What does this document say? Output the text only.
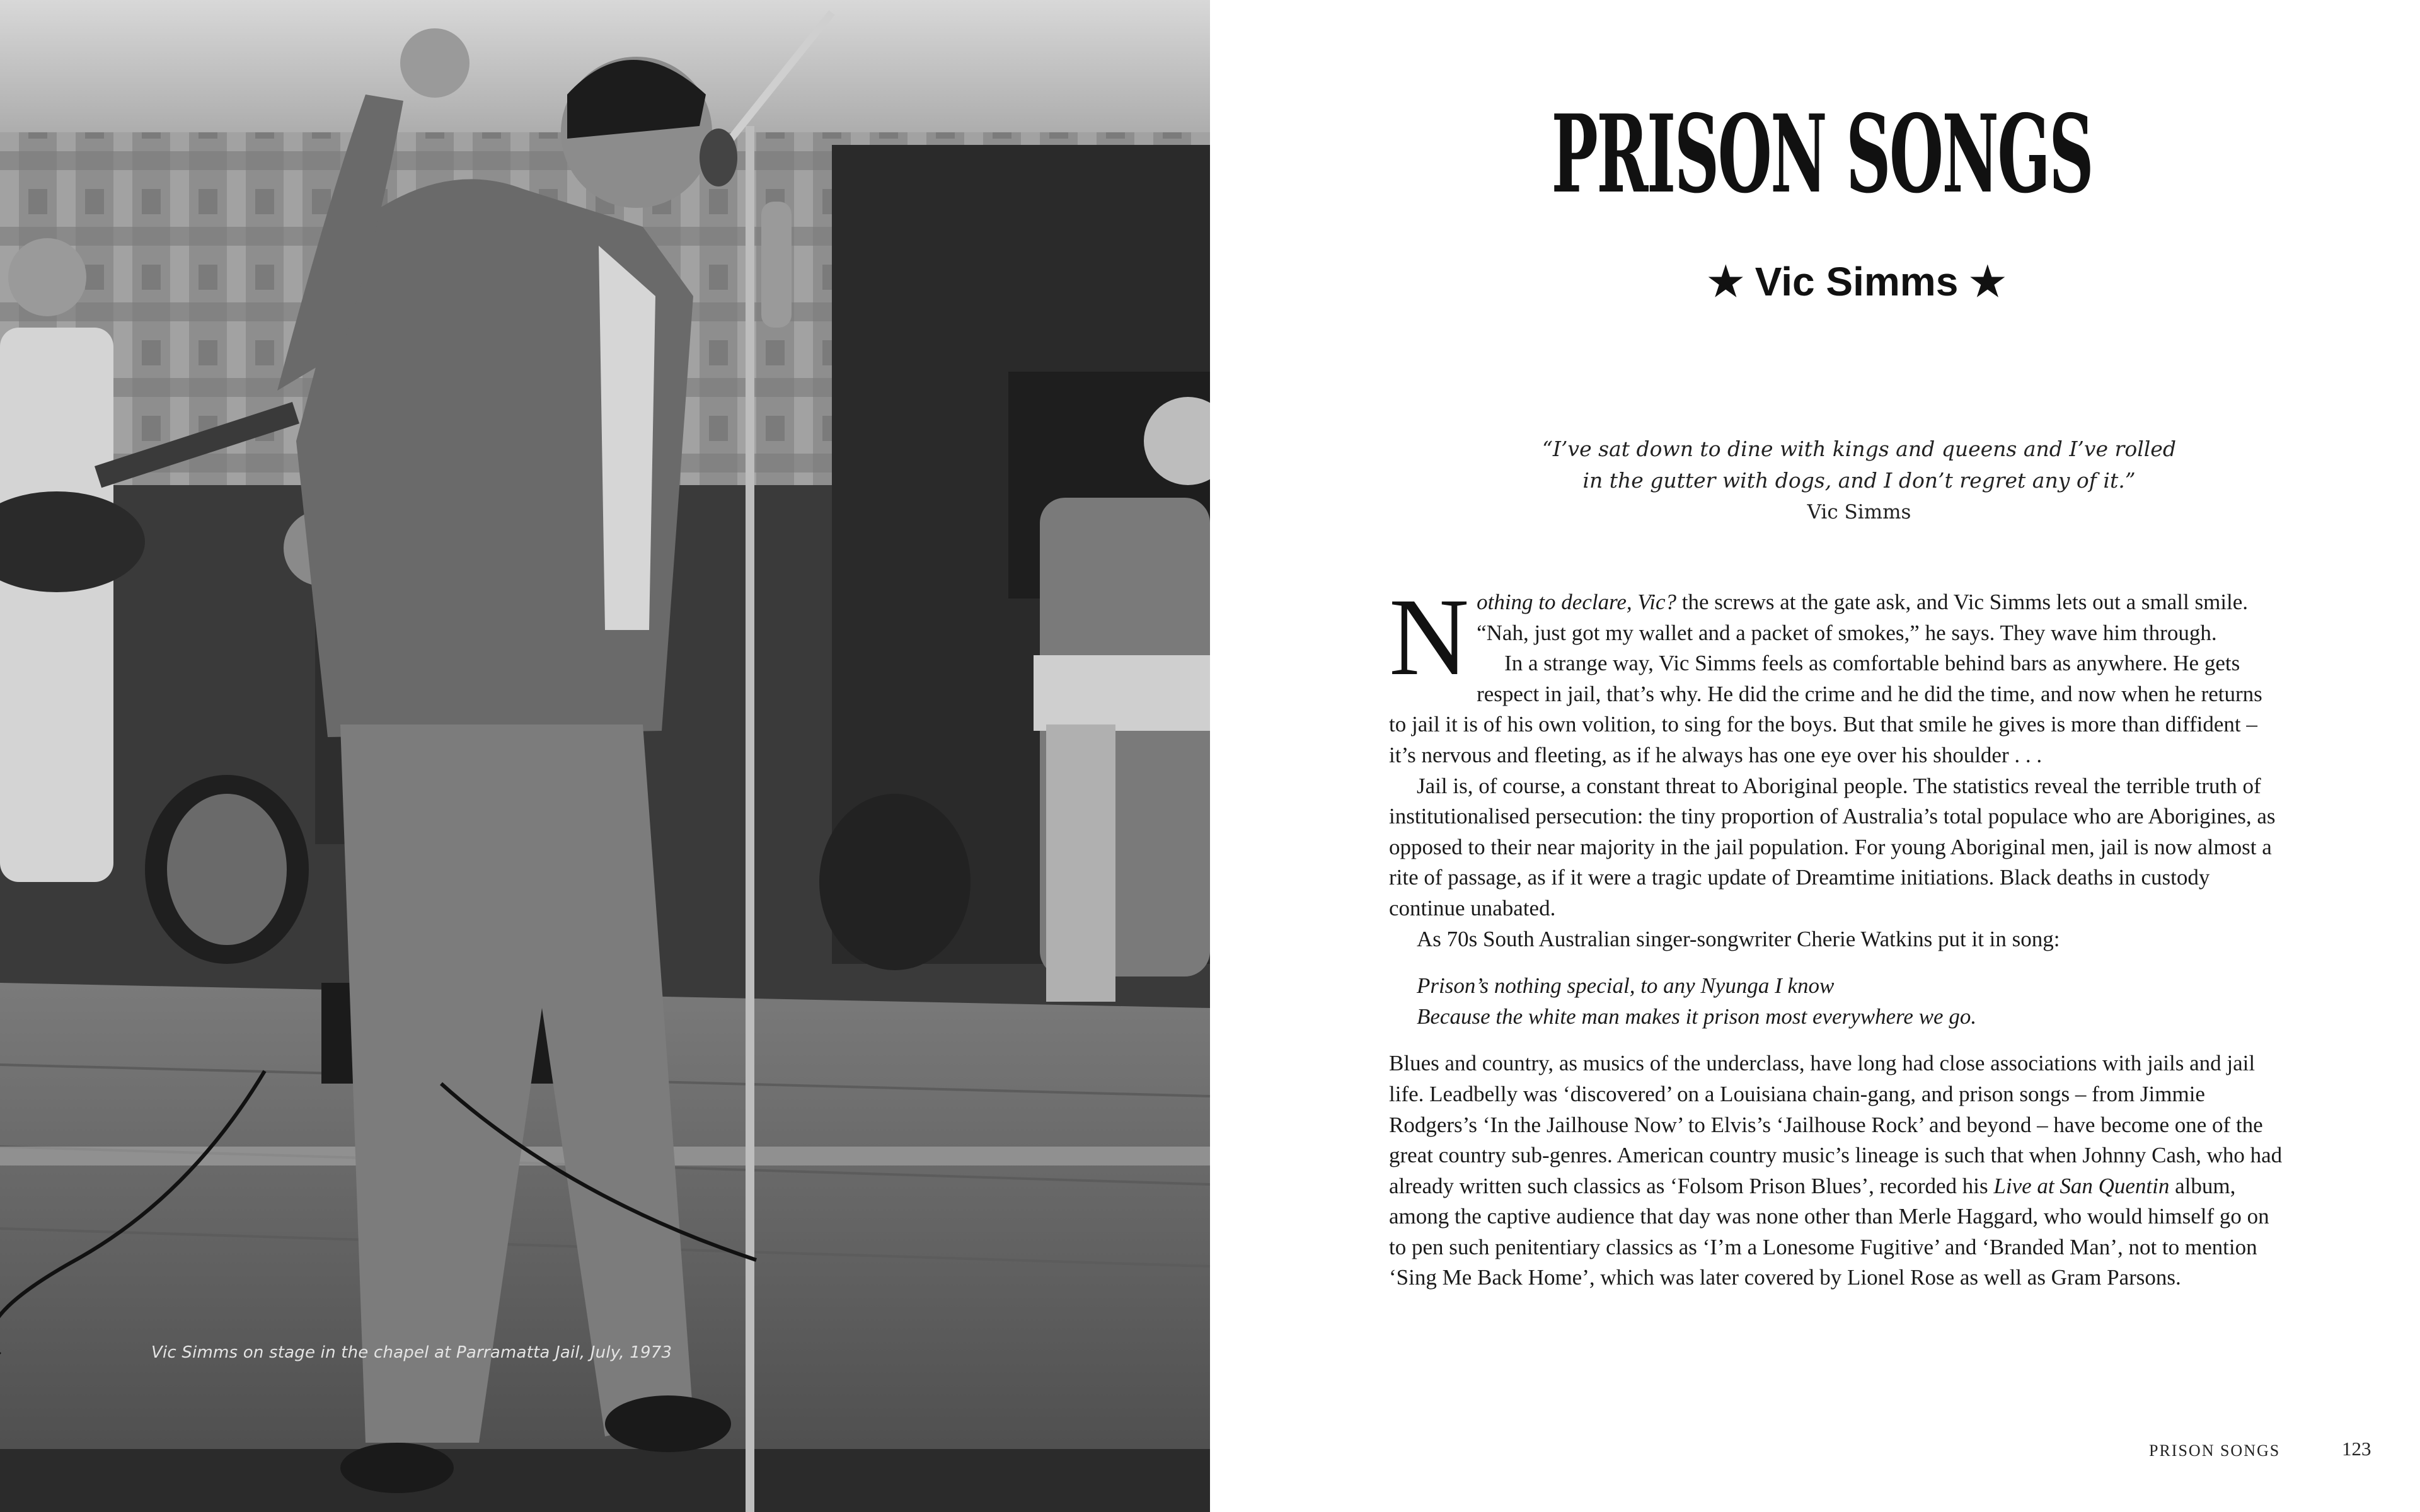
Vic Simms on stage in the chapel at Parramatta Jail, July, 1973
PRISON SONGS
★ Vic Simms ★
“I’ve sat down to dine with kings and queens and I’ve rolled
in the gutter with dogs, and I don’t regret any of it.”
Vic Simms

Nothing to declare, Vic? the screws at the gate ask, and Vic Simms lets out a small smile. “Nah, just got my wallet and a packet of smokes,” he says. They wave him through.

In a strange way, Vic Simms feels as comfortable behind bars as anywhere. He gets respect in jail, that’s why. He did the crime and he did the time, and now when he returns to jail it is of his own volition, to sing for the boys. But that smile he gives is more than diffident – it’s nervous and fleeting, as if he always has one eye over his shoulder . . .

Jail is, of course, a constant threat to Aboriginal people. The statistics reveal the terrible truth of institutionalised persecution: the tiny proportion of Australia’s total populace who are Aborigines, as opposed to their near majority in the jail population. For young Aboriginal men, jail is now almost a rite of passage, as if it were a tragic update of Dreamtime initiations. Black deaths in custody continue unabated.

As 70s South Australian singer-songwriter Cherie Watkins put it in song:

Prison’s nothing special, to any Nyunga I know
Because the white man makes it prison most everywhere we go.

Blues and country, as musics of the underclass, have long had close associations with jails and jail life. Leadbelly was ‘discovered’ on a Louisiana chain-gang, and prison songs – from Jimmie Rodgers’s ‘In the Jailhouse Now’ to Elvis’s ‘Jailhouse Rock’ and beyond – have become one of the great country sub-genres. American country music’s lineage is such that when Johnny Cash, who had already written such classics as ‘Folsom Prison Blues’, recorded his Live at San Quentin album, among the captive audience that day was none other than Merle Haggard, who would himself go on to pen such penitentiary classics as ‘I’m a Lonesome Fugitive’ and ‘Branded Man’, not to mention ‘Sing Me Back Home’, which was later covered by Lionel Rose as well as Gram Parsons.

PRISON SONGS	123
